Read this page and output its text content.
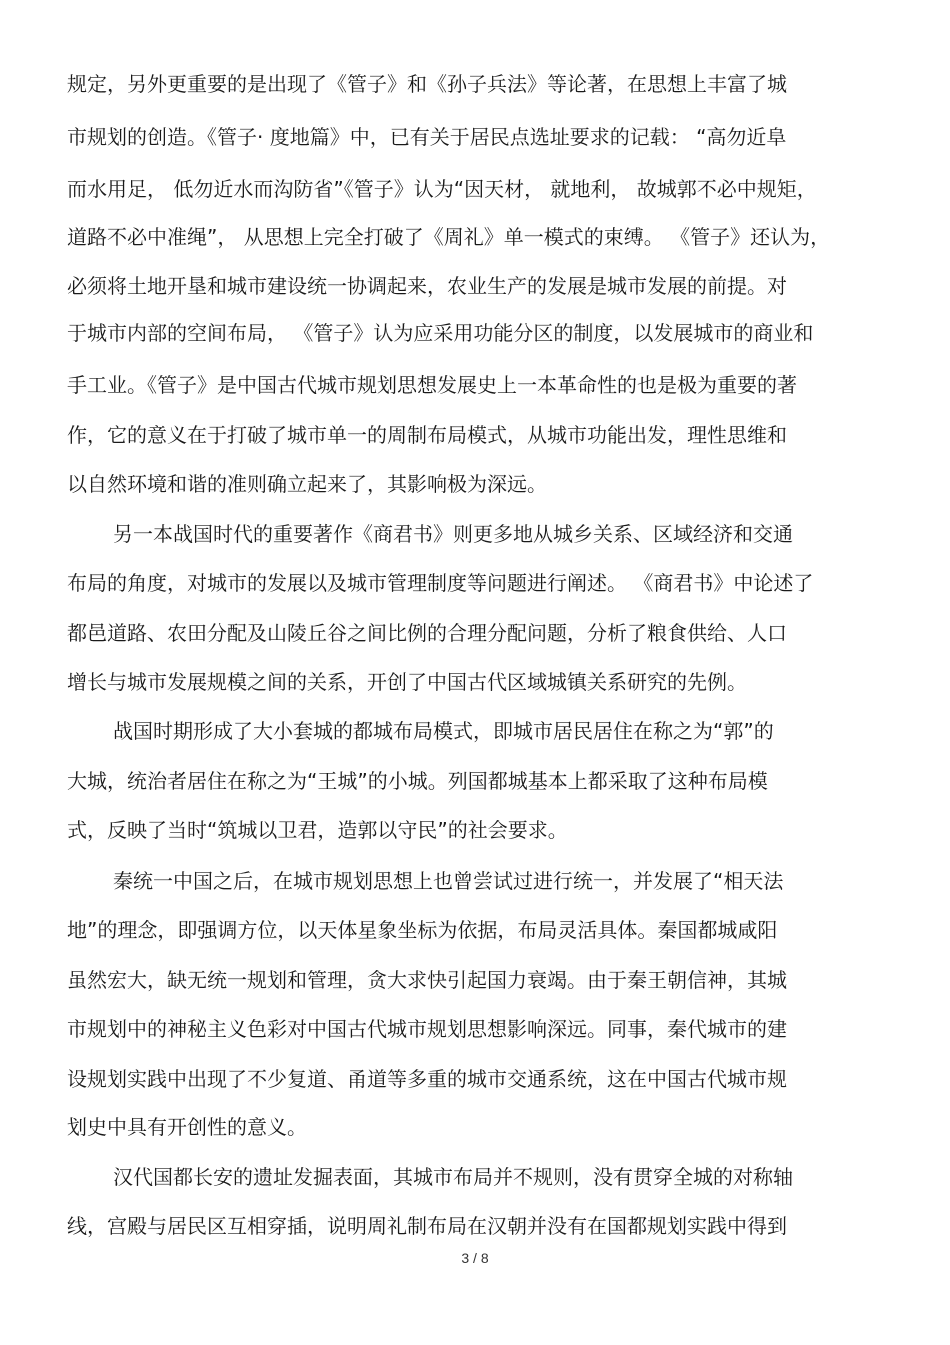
规定，另外更重要的是出现了《管子》和《孙子兵法》等论著，在思想上丰富了城

市规划的创造。《管子· 度地篇》中，已有关于居民点选址要求的记载： “高勿近阜

而水用足， 低勿近水而沟防省”《管子》认为“因天材， 就地利， 故城郭不必中规矩，

道路不必中准绳”， 从思想上完全打破了《周礼》单一模式的束缚。 《管子》还认为，

必须将土地开垦和城市建设统一协调起来，农业生产的发展是城市发展的前提。对

于城市内部的空间布局， 《管子》认为应采用功能分区的制度，以发展城市的商业和

手工业。《管子》是中国古代城市规划思想发展史上一本革命性的也是极为重要的著

作，它的意义在于打破了城市单一的周制布局模式，从城市功能出发，理性思维和

以自然环境和谐的准则确立起来了，其影响极为深远。

另一本战国时代的重要著作《商君书》则更多地从城乡关系、区域经济和交通

布局的角度，对城市的发展以及城市管理制度等问题进行阐述。 《商君书》中论述了

都邑道路、农田分配及山陵丘谷之间比例的合理分配问题，分析了粮食供给、人口

增长与城市发展规模之间的关系，开创了中国古代区域城镇关系研究的先例。

战国时期形成了大小套城的都城布局模式，即城市居民居住在称之为“郭”的

大城，统治者居住在称之为“王城”的小城。列国都城基本上都采取了这种布局模

式，反映了当时“筑城以卫君，造郭以守民”的社会要求。

秦统一中国之后，在城市规划思想上也曾尝试过进行统一，并发展了“相天法

地”的理念，即强调方位，以天体星象坐标为依据，布局灵活具体。秦国都城咸阳

虽然宏大，缺无统一规划和管理，贪大求快引起国力衰竭。由于秦王朝信神，其城

市规划中的神秘主义色彩对中国古代城市规划思想影响深远。同事，秦代城市的建

设规划实践中出现了不少复道、甬道等多重的城市交通系统，这在中国古代城市规

划史中具有开创性的意义。

汉代国都长安的遗址发掘表面，其城市布局并不规则，没有贯穿全城的对称轴

线，宫殿与居民区互相穿插，说明周礼制布局在汉朝并没有在国都规划实践中得到

3 / 8
